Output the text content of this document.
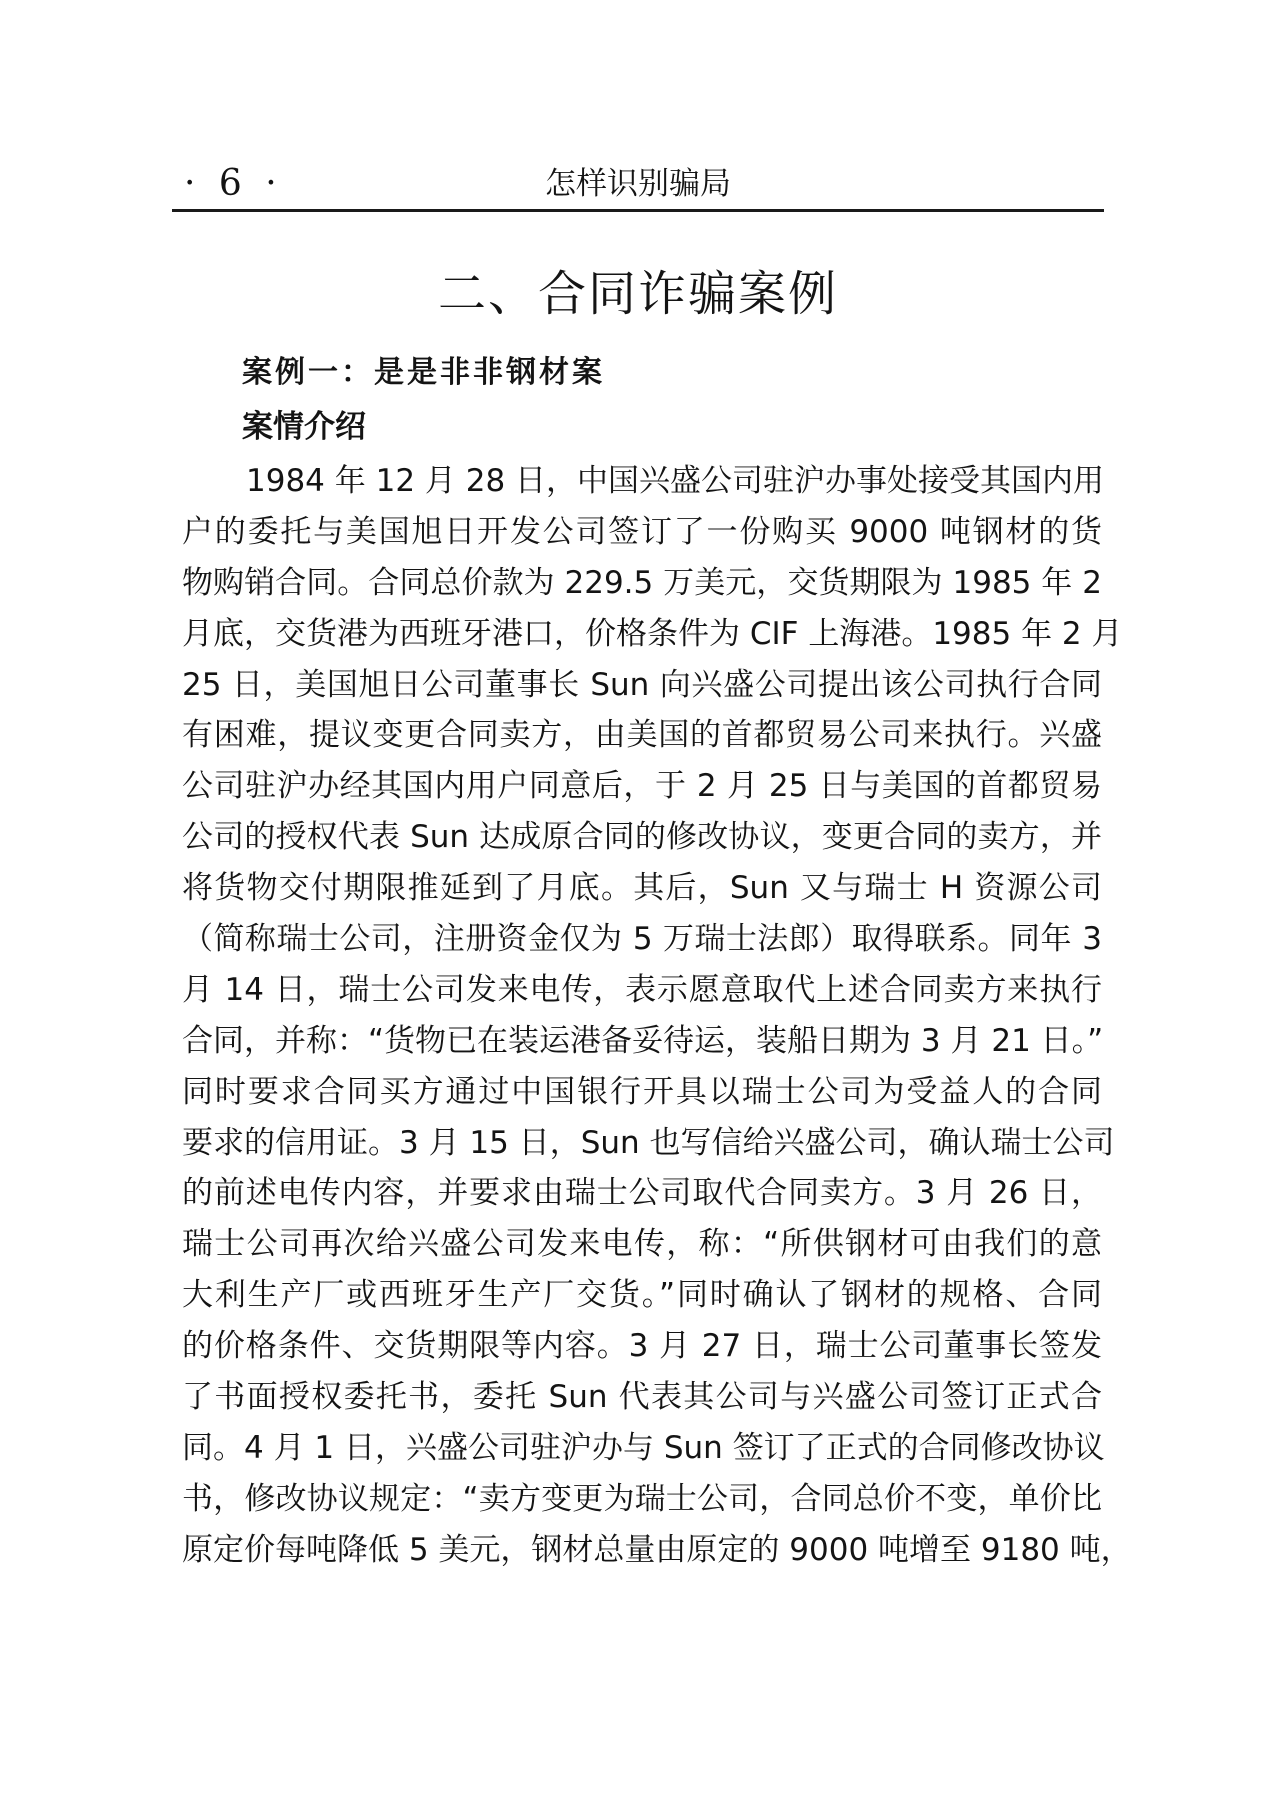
· 6 ·	怎样识别骗局
二、合同诈骗案例
案例一：是是非非钢材案
案情介绍
1984 年 12 月 28 日，中国兴盛公司驻沪办事处接受其国内用
户的委托与美国旭日开发公司签订了一份购买 9000 吨钢材的货
物购销合同。合同总价款为 229.5 万美元，交货期限为 1985 年 2
月底，交货港为西班牙港口，价格条件为 CIF 上海港。1985 年 2 月
25 日，美国旭日公司董事长 Sun 向兴盛公司提出该公司执行合同
有困难，提议变更合同卖方，由美国的首都贸易公司来执行。兴盛
公司驻沪办经其国内用户同意后，于 2 月 25 日与美国的首都贸易
公司的授权代表 Sun 达成原合同的修改协议，变更合同的卖方，并
将货物交付期限推延到了月底。其后，Sun 又与瑞士 H 资源公司
（简称瑞士公司，注册资金仅为 5 万瑞士法郎）取得联系。同年 3
月 14 日，瑞士公司发来电传，表示愿意取代上述合同卖方来执行
合同，并称：“货物已在装运港备妥待运，装船日期为 3 月 21 日。”
同时要求合同买方通过中国银行开具以瑞士公司为受益人的合同
要求的信用证。3 月 15 日，Sun 也写信给兴盛公司，确认瑞士公司
的前述电传内容，并要求由瑞士公司取代合同卖方。3 月 26 日，
瑞士公司再次给兴盛公司发来电传，称：“所供钢材可由我们的意
大利生产厂或西班牙生产厂交货。”同时确认了钢材的规格、合同
的价格条件、交货期限等内容。3 月 27 日，瑞士公司董事长签发
了书面授权委托书，委托 Sun 代表其公司与兴盛公司签订正式合
同。4 月 1 日，兴盛公司驻沪办与 Sun 签订了正式的合同修改协议
书，修改协议规定：“卖方变更为瑞士公司，合同总价不变，单价比
原定价每吨降低 5 美元，钢材总量由原定的 9000 吨增至 9180 吨，
